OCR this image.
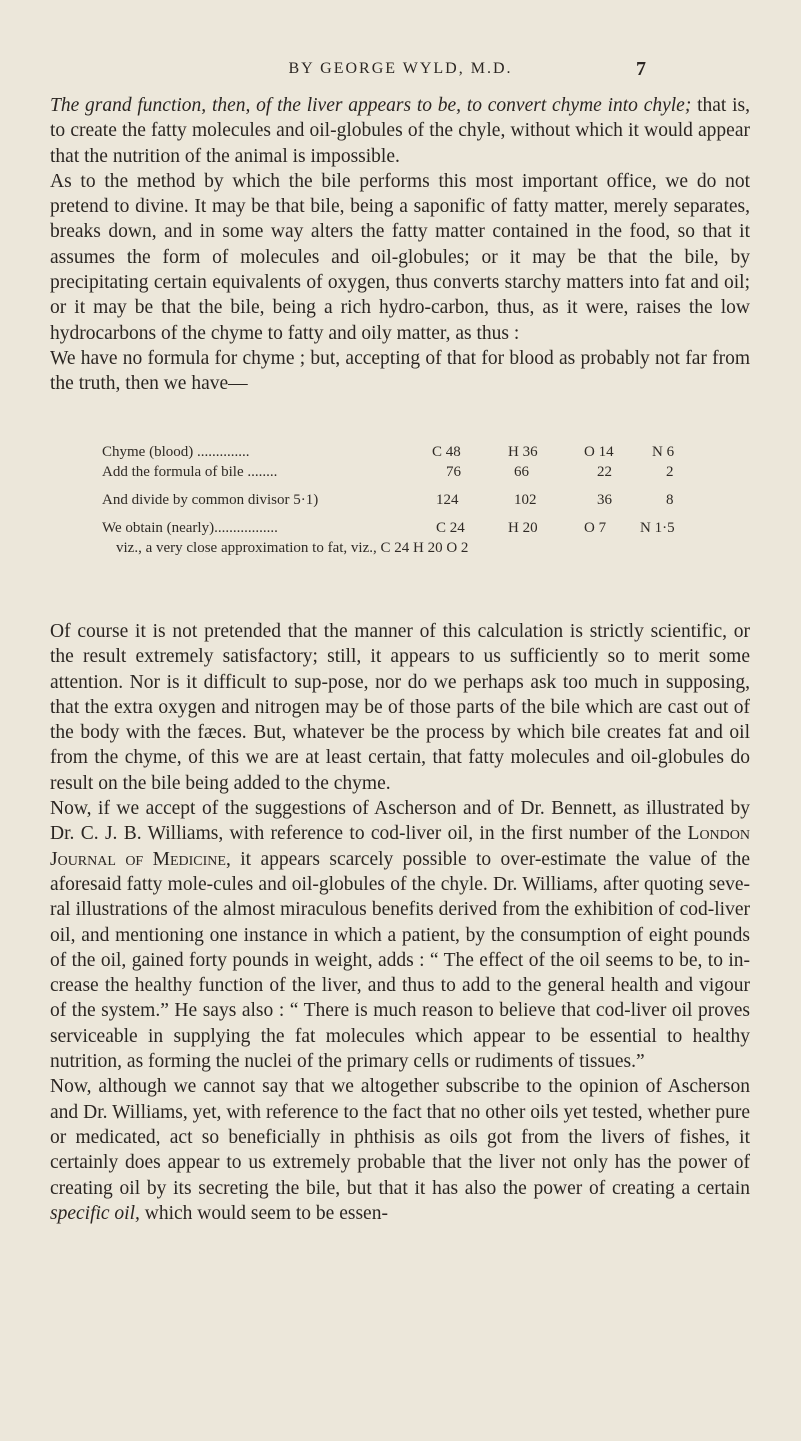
BY GEORGE WYLD, M.D.	7

The grand function, then, of the liver appears to be, to convert chyme into chyle; that is, to create the fatty molecules and oil-globules of the chyle, without which it would appear that the nutrition of the animal is impossible.

As to the method by which the bile performs this most important office, we do not pretend to divine. It may be that bile, being a saponific of fatty matter, merely separates, breaks down, and in some way alters the fatty matter contained in the food, so that it assumes the form of molecules and oil-globules; or it may be that the bile, by precipitating certain equivalents of oxygen, thus converts starchy matters into fat and oil; or it may be that the bile, being a rich hydro-carbon, thus, as it were, raises the low hydrocarbons of the chyme to fatty and oily matter, as thus :

We have no formula for chyme ; but, accepting of that for blood as probably not far from the truth, then we have—

Chyme (blood) ..............	C 48	H 36	O 14	N 6
Add the formula of bile ........	76	66	22	2
And divide by common divisor 5·1)	124	102	36	8
We obtain (nearly).................	C 24	H 20	O 7 N 1·5
viz., a very close approximation to fat, viz., C 24 H 20 O 2

Of course it is not pretended that the manner of this calculation is strictly scientific, or the result extremely satisfactory; still, it appears to us sufficiently so to merit some attention. Nor is it difficult to sup-pose, nor do we perhaps ask too much in supposing, that the extra oxygen and nitrogen may be of those parts of the bile which are cast out of the body with the fæces. But, whatever be the process by which bile creates fat and oil from the chyme, of this we are at least certain, that fatty molecules and oil-globules do result on the bile being added to the chyme.

Now, if we accept of the suggestions of Ascherson and of Dr. Bennett, as illustrated by Dr. C. J. B. Williams, with reference to cod-liver oil, in the first number of the London Journal of Medicine, it appears scarcely possible to over-estimate the value of the aforesaid fatty mole-cules and oil-globules of the chyle. Dr. Williams, after quoting seve-ral illustrations of the almost miraculous benefits derived from the exhibition of cod-liver oil, and mentioning one instance in which a patient, by the consumption of eight pounds of the oil, gained forty pounds in weight, adds : “ The effect of the oil seems to be, to in-crease the healthy function of the liver, and thus to add to the general health and vigour of the system.” He says also : “ There is much reason to believe that cod-liver oil proves serviceable in supplying the fat molecules which appear to be essential to healthy nutrition, as forming the nuclei of the primary cells or rudiments of tissues.”

Now, although we cannot say that we altogether subscribe to the opinion of Ascherson and Dr. Williams, yet, with reference to the fact that no other oils yet tested, whether pure or medicated, act so beneficially in phthisis as oils got from the livers of fishes, it certainly does appear to us extremely probable that the liver not only has the power of creating oil by its secreting the bile, but that it has also the power of creating a certain specific oil, which would seem to be essen-
